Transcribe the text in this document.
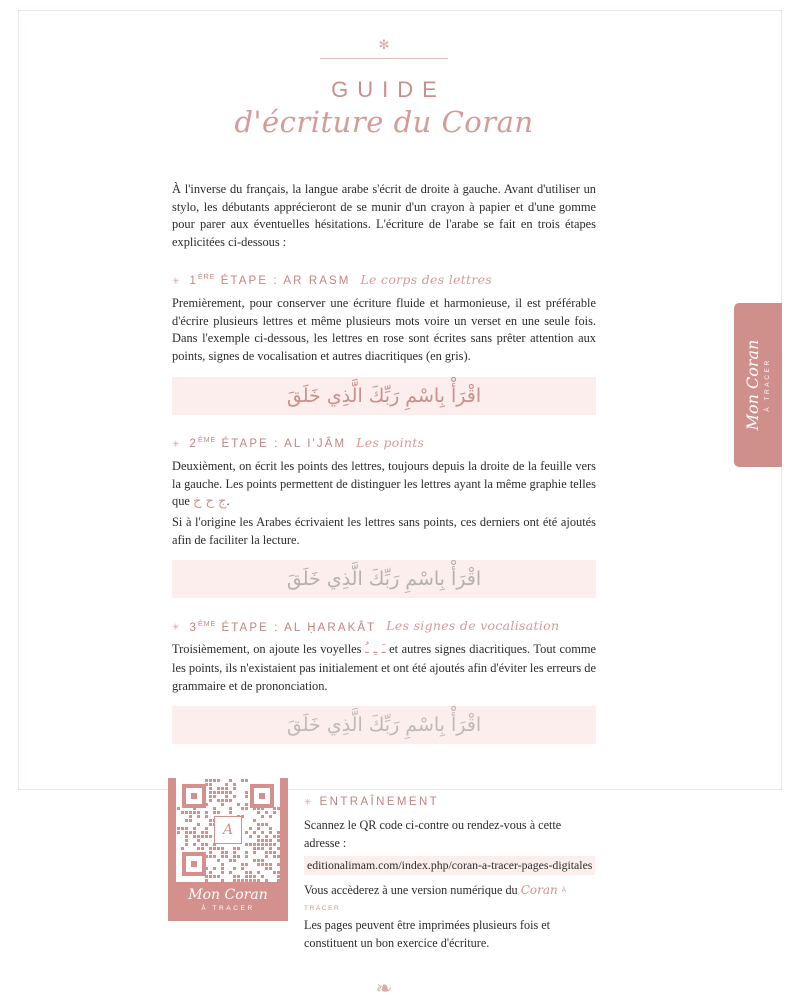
Mon Coran À TRACER
✻
GUIDE
d'écriture du Coran
À l'inverse du français, la langue arabe s'écrit de droite à gauche. Avant d'utiliser un stylo, les débutants apprécieront de se munir d'un crayon à papier et d'une gomme pour parer aux éventuelles hésitations. L'écriture de l'arabe se fait en trois étapes explicitées ci-dessous :
✳ 1ÈRE ÉTAPE : AR RASM Le corps des lettres
Premièrement, pour conserver une écriture fluide et harmonieuse, il est préférable d'écrire plusieurs lettres et même plusieurs mots voire un verset en une seule fois. Dans l'exemple ci-dessous, les lettres en rose sont écrites sans prêter attention aux points, signes de vocalisation et autres diacritiques (en gris).
اقْرَأْ بِاسْمِ رَبِّكَ الَّذِي خَلَقَ
✳ 2ÈME ÉTAPE : AL I'JÂM Les points
Deuxièment, on écrit les points des lettres, toujours depuis la droite de la feuille vers la gauche. Les points permettent de distinguer les lettres ayant la même graphie telles que ج ح خ.
Si à l'origine les Arabes écrivaient les lettres sans points, ces derniers ont été ajoutés afin de faciliter la lecture.
اقْرَأْ بِاسْمِ رَبِّكَ الَّذِي خَلَقَ
✳ 3ÈME ÉTAPE : AL ḤARAKÂT Les signes de vocalisation
Troisièmement, on ajoute les voyelles ـَ ـِ ـُ et autres signes diacritiques. Tout comme les points, ils n'existaient pas initialement et ont été ajoutés afin d'éviter les erreurs de grammaire et de prononciation.
اقْرَأْ بِاسْمِ رَبِّكَ الَّذِي خَلَقَ
A
Mon Coran
À TRACER
✳ ENTRAÎNEMENT
Scannez le QR code ci-contre ou rendez-vous à cette adresse :
editionalimam.com/index.php/coran-a-tracer-pages-digitales
Vous accèderez à une version numérique du Coran À TRACER
Les pages peuvent être imprimées plusieurs fois et constituent un bon exercice d'écriture.
❧
